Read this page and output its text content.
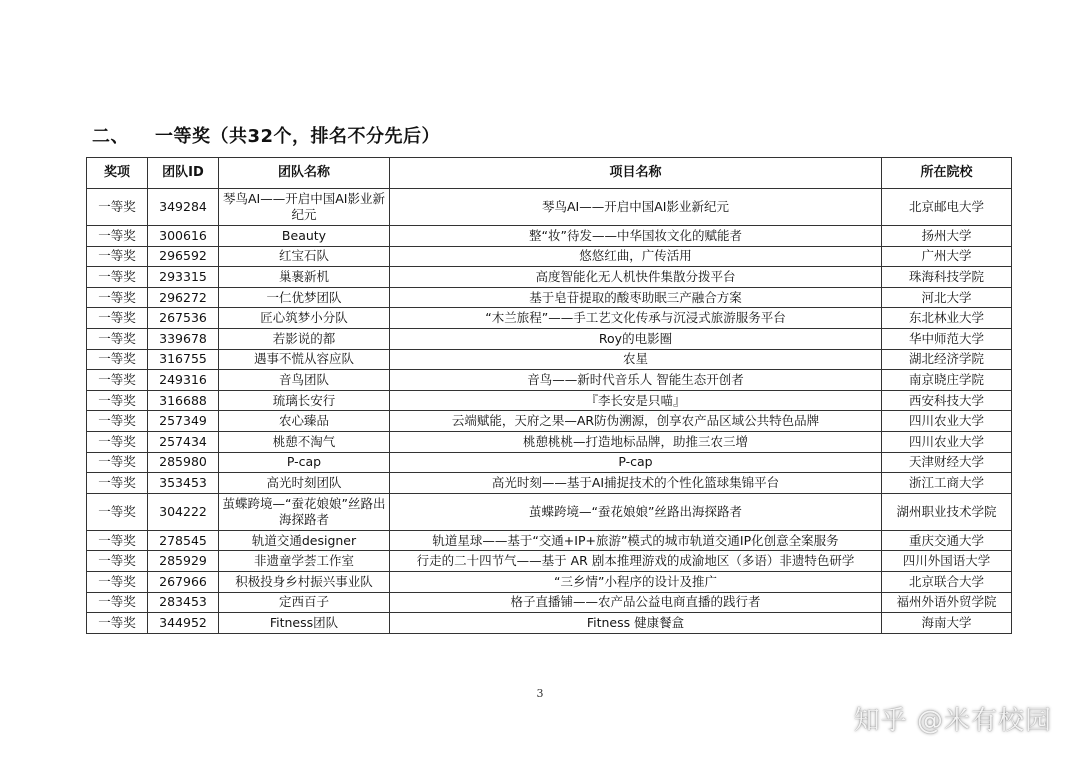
二、 一等奖（共32个，排名不分先后）
奖项	团队ID	团队名称	项目名称	所在院校
一等奖	349284	琴鸟AI——开启中国AI影业新纪元	琴鸟AI——开启中国AI影业新纪元	北京邮电大学
一等奖	300616	Beauty	整“妆”待发——中华国妆文化的赋能者	扬州大学
一等奖	296592	红宝石队	悠悠红曲，广传活用	广州大学
一等奖	293315	巢裹新机	高度智能化无人机快件集散分拨平台	珠海科技学院
一等奖	296272	一仁优梦团队	基于皂苷提取的酸枣助眠三产融合方案	河北大学
一等奖	267536	匠心筑梦小分队	“木兰旅程”——手工艺文化传承与沉浸式旅游服务平台	东北林业大学
一等奖	339678	若影说的都	Roy的电影圈	华中师范大学
一等奖	316755	遇事不慌从容应队	农星	湖北经济学院
一等奖	249316	音鸟团队	音鸟——新时代音乐人 智能生态开创者	南京晓庄学院
一等奖	316688	琉璃长安行	『李长安是只喵』	西安科技大学
一等奖	257349	农心臻品	云端赋能，天府之果—AR防伪溯源，创享农产品区域公共特色品牌	四川农业大学
一等奖	257434	桃憩不淘气	桃憩桃桃—打造地标品牌，助推三农三增	四川农业大学
一等奖	285980	P-cap	P-cap	天津财经大学
一等奖	353453	高光时刻团队	高光时刻——基于AI捕捉技术的个性化篮球集锦平台	浙江工商大学
一等奖	304222	茧蝶跨境—“蚕花娘娘”丝路出海探路者	茧蝶跨境—“蚕花娘娘”丝路出海探路者	湖州职业技术学院
一等奖	278545	轨道交通designer	轨道星球——基于“交通+IP+旅游”模式的城市轨道交通IP化创意全案服务	重庆交通大学
一等奖	285929	非遗童学荟工作室	行走的二十四节气——基于 AR 剧本推理游戏的成渝地区（多语）非遗特色研学	四川外国语大学
一等奖	267966	积极投身乡村振兴事业队	“三乡情”小程序的设计及推广	北京联合大学
一等奖	283453	定西百子	格子直播铺——农产品公益电商直播的践行者	福州外语外贸学院
一等奖	344952	Fitness团队	Fitness 健康餐盒	海南大学
3
知乎 @米有校园
